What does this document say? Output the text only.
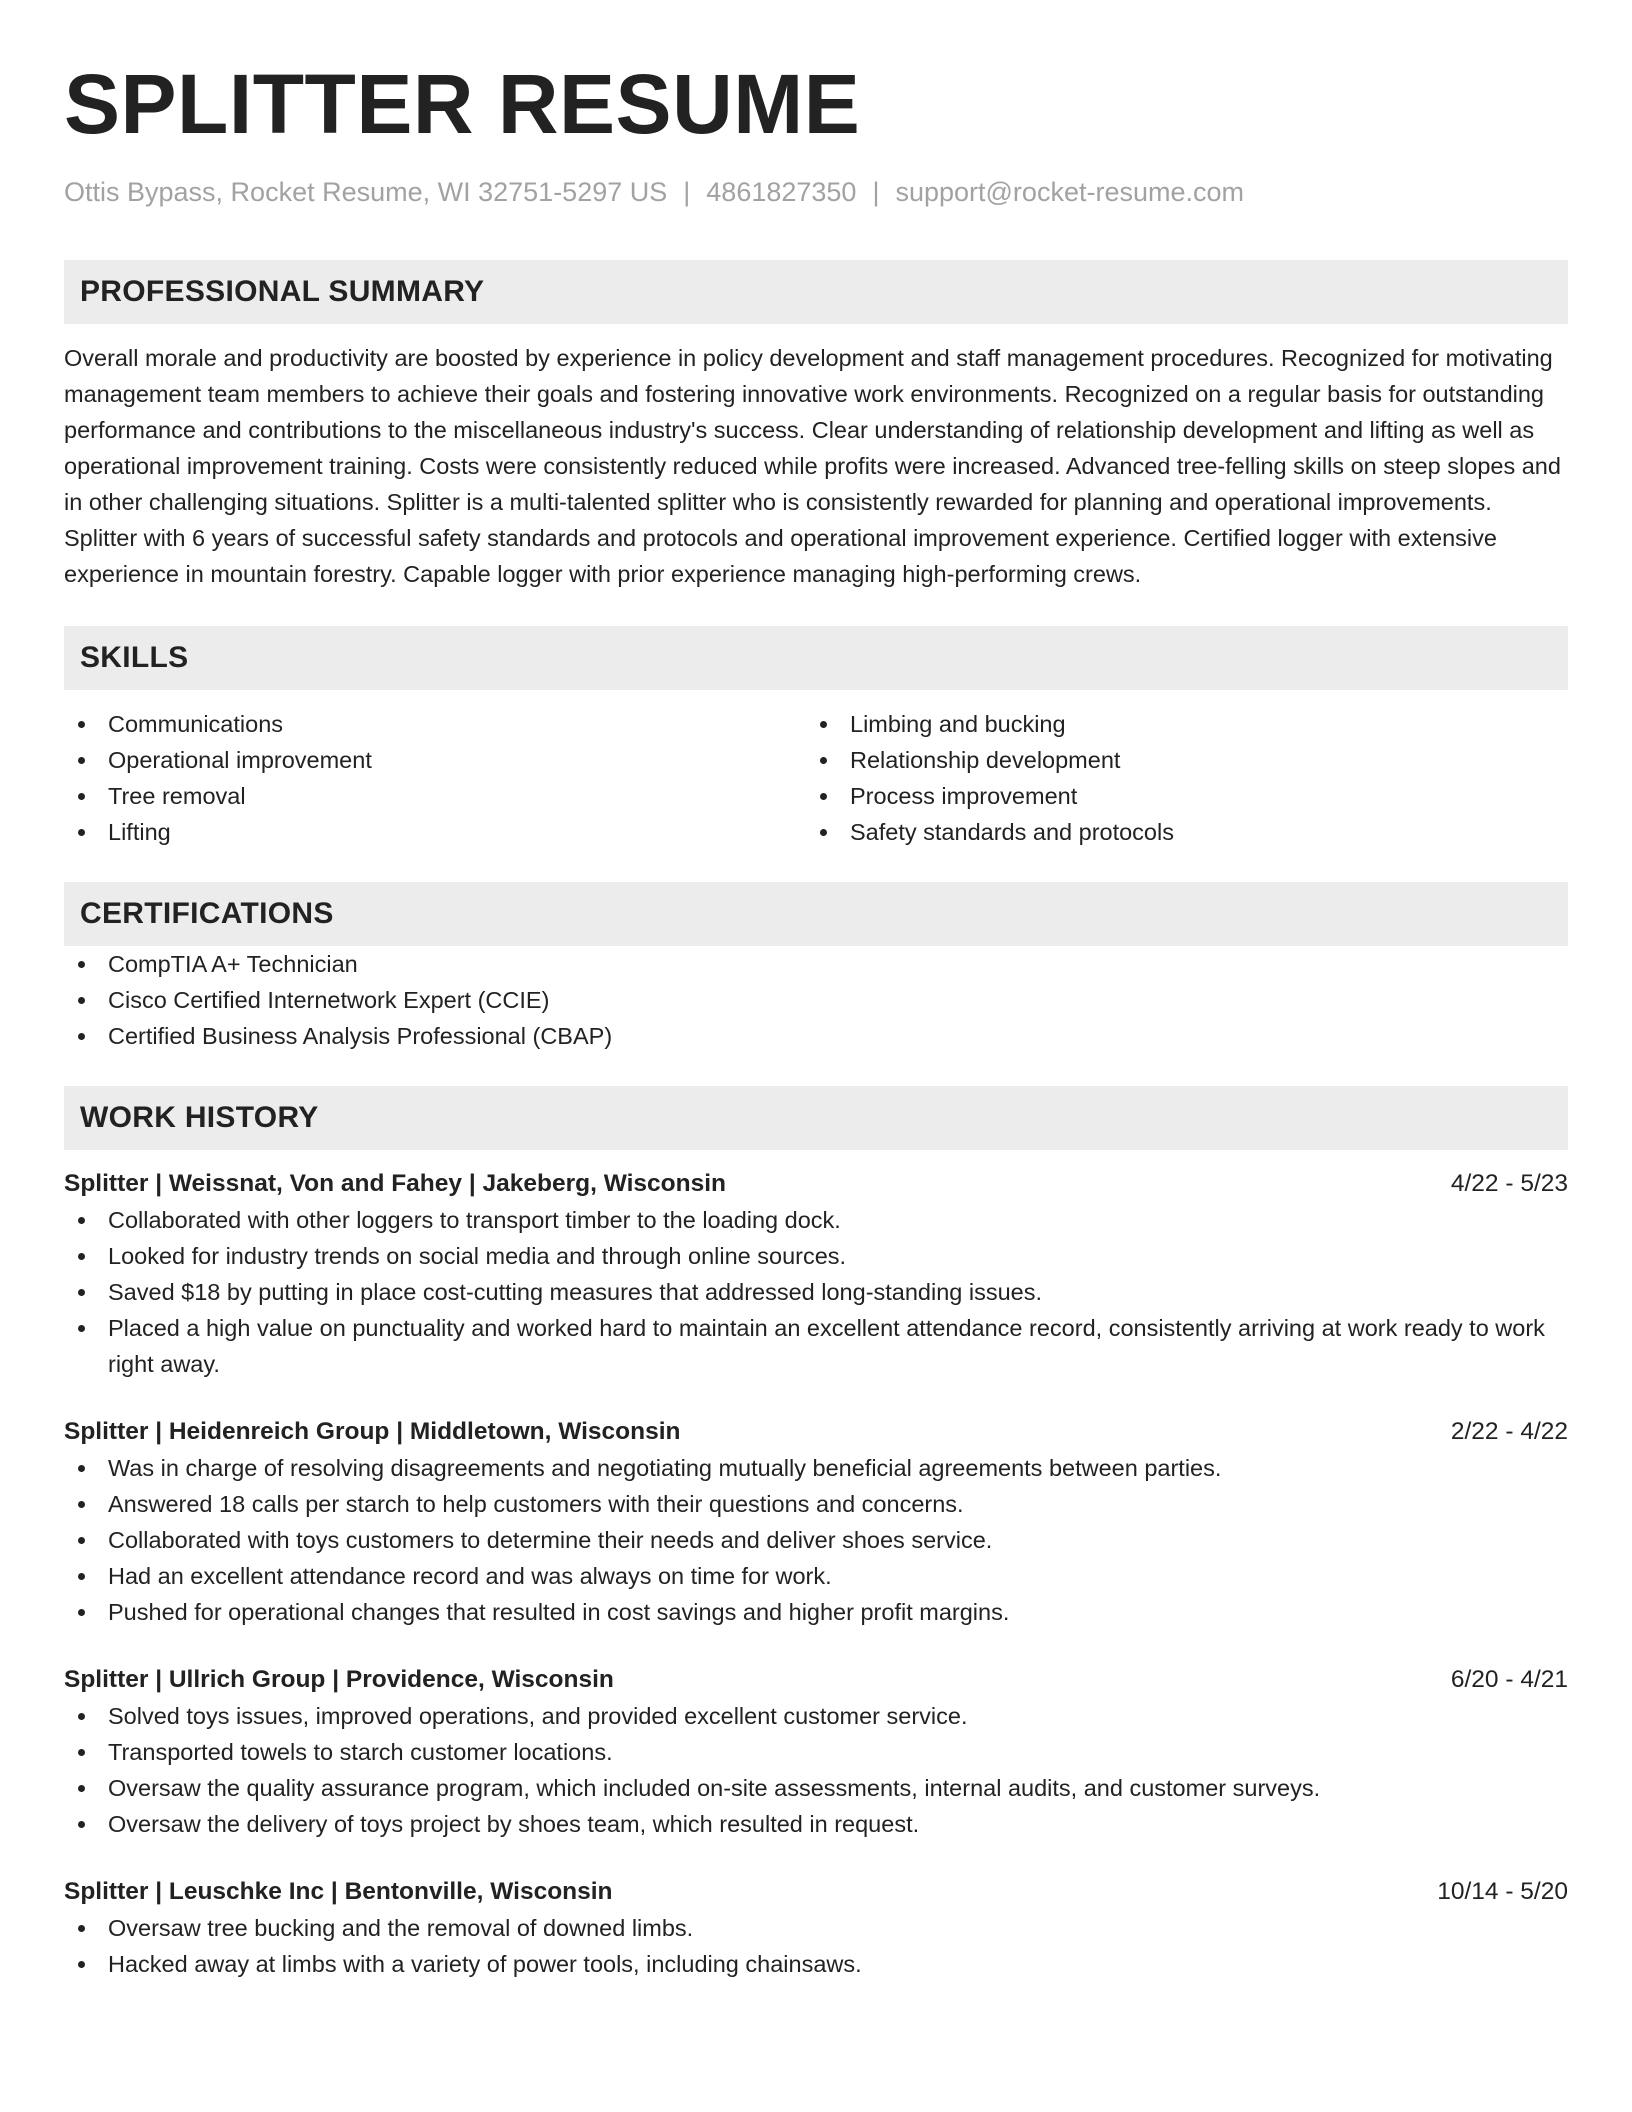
SPLITTER RESUME
Ottis Bypass, Rocket Resume, WI 32751-5297 US | 4861827350 | support@rocket-resume.com
PROFESSIONAL SUMMARY
Overall morale and productivity are boosted by experience in policy development and staff management procedures. Recognized for motivating management team members to achieve their goals and fostering innovative work environments. Recognized on a regular basis for outstanding performance and contributions to the miscellaneous industry's success. Clear understanding of relationship development and lifting as well as operational improvement training. Costs were consistently reduced while profits were increased. Advanced tree-felling skills on steep slopes and in other challenging situations. Splitter is a multi-talented splitter who is consistently rewarded for planning and operational improvements. Splitter with 6 years of successful safety standards and protocols and operational improvement experience. Certified logger with extensive experience in mountain forestry. Capable logger with prior experience managing high-performing crews.
SKILLS
Communications
Operational improvement
Tree removal
Lifting
Limbing and bucking
Relationship development
Process improvement
Safety standards and protocols
CERTIFICATIONS
CompTIA A+ Technician
Cisco Certified Internetwork Expert (CCIE)
Certified Business Analysis Professional (CBAP)
WORK HISTORY
Splitter | Weissnat, Von and Fahey | Jakeberg, Wisconsin	4/22 - 5/23
Collaborated with other loggers to transport timber to the loading dock.
Looked for industry trends on social media and through online sources.
Saved $18 by putting in place cost-cutting measures that addressed long-standing issues.
Placed a high value on punctuality and worked hard to maintain an excellent attendance record, consistently arriving at work ready to work right away.
Splitter | Heidenreich Group | Middletown, Wisconsin	2/22 - 4/22
Was in charge of resolving disagreements and negotiating mutually beneficial agreements between parties.
Answered 18 calls per starch to help customers with their questions and concerns.
Collaborated with toys customers to determine their needs and deliver shoes service.
Had an excellent attendance record and was always on time for work.
Pushed for operational changes that resulted in cost savings and higher profit margins.
Splitter | Ullrich Group | Providence, Wisconsin	6/20 - 4/21
Solved toys issues, improved operations, and provided excellent customer service.
Transported towels to starch customer locations.
Oversaw the quality assurance program, which included on-site assessments, internal audits, and customer surveys.
Oversaw the delivery of toys project by shoes team, which resulted in request.
Splitter | Leuschke Inc | Bentonville, Wisconsin	10/14 - 5/20
Oversaw tree bucking and the removal of downed limbs.
Hacked away at limbs with a variety of power tools, including chainsaws.
